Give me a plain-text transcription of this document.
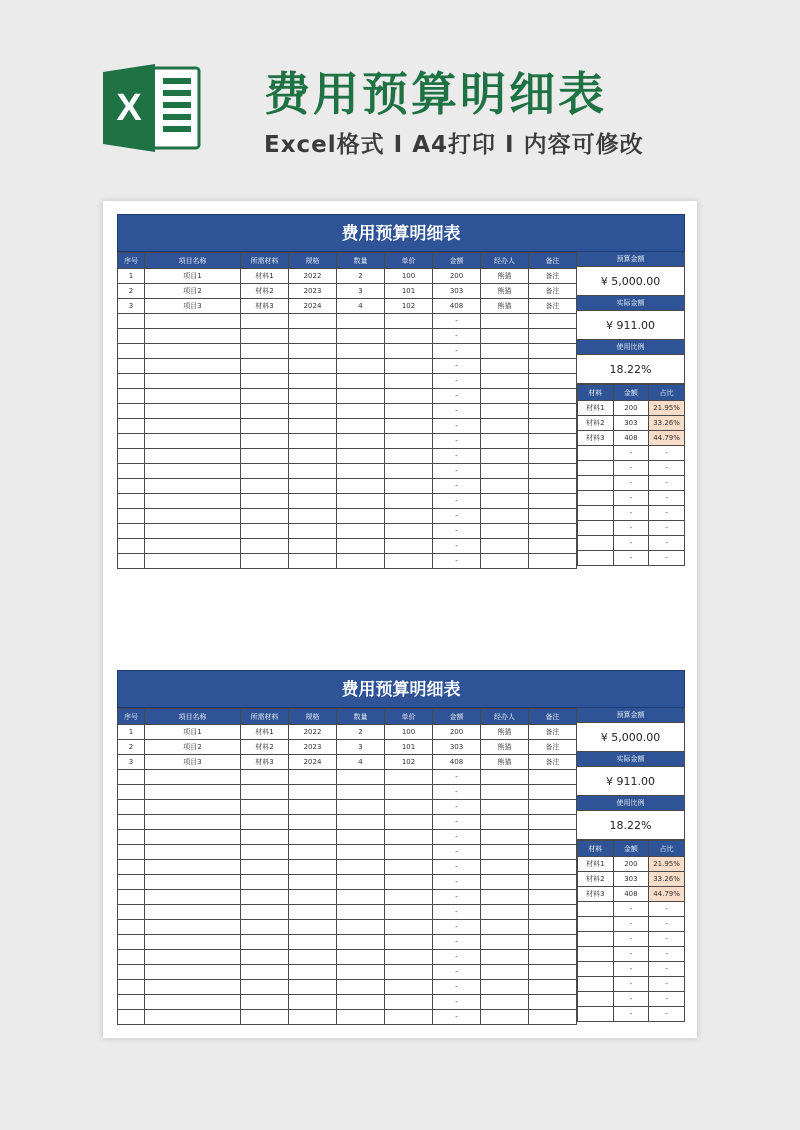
X	费用预算明细表
Excel格式 Ⅰ A4打印 Ⅰ 内容可修改
费用预算明细表
序号	项目名称	所需材料	规格	数量	单价	金额	经办人	备注
1	项目1	材料1	2022	2	100	200	熊猫	备注
2	项目2	材料2	2023	3	101	303	熊猫	备注
3	项目3	材料3	2024	4	102	408	熊猫	备注
						-		
						-		
						-		
						-		
						-		
						-		
						-		
						-		
						-		
						-		
						-		
						-		
						-		
						-		
						-		
						-		
						-		
预算金额
¥ 5,000.00
实际金额
¥ 911.00
使用比例
18.22%
材料	金额	占比
材料1	200	21.95%
材料2	303	33.26%
材料3	408	44.79%
	-	-
	-	-
	-	-
	-	-
	-	-
	-	-
	-	-
	-	-
费用预算明细表
序号	项目名称	所需材料	规格	数量	单价	金额	经办人	备注
1	项目1	材料1	2022	2	100	200	熊猫	备注
2	项目2	材料2	2023	3	101	303	熊猫	备注
3	项目3	材料3	2024	4	102	408	熊猫	备注
						-		
						-		
						-		
						-		
						-		
						-		
						-		
						-		
						-		
						-		
						-		
						-		
						-		
						-		
						-		
						-		
						-		
预算金额
¥ 5,000.00
实际金额
¥ 911.00
使用比例
18.22%
材料	金额	占比
材料1	200	21.95%
材料2	303	33.26%
材料3	408	44.79%
	-	-
	-	-
	-	-
	-	-
	-	-
	-	-
	-	-
	-	-
